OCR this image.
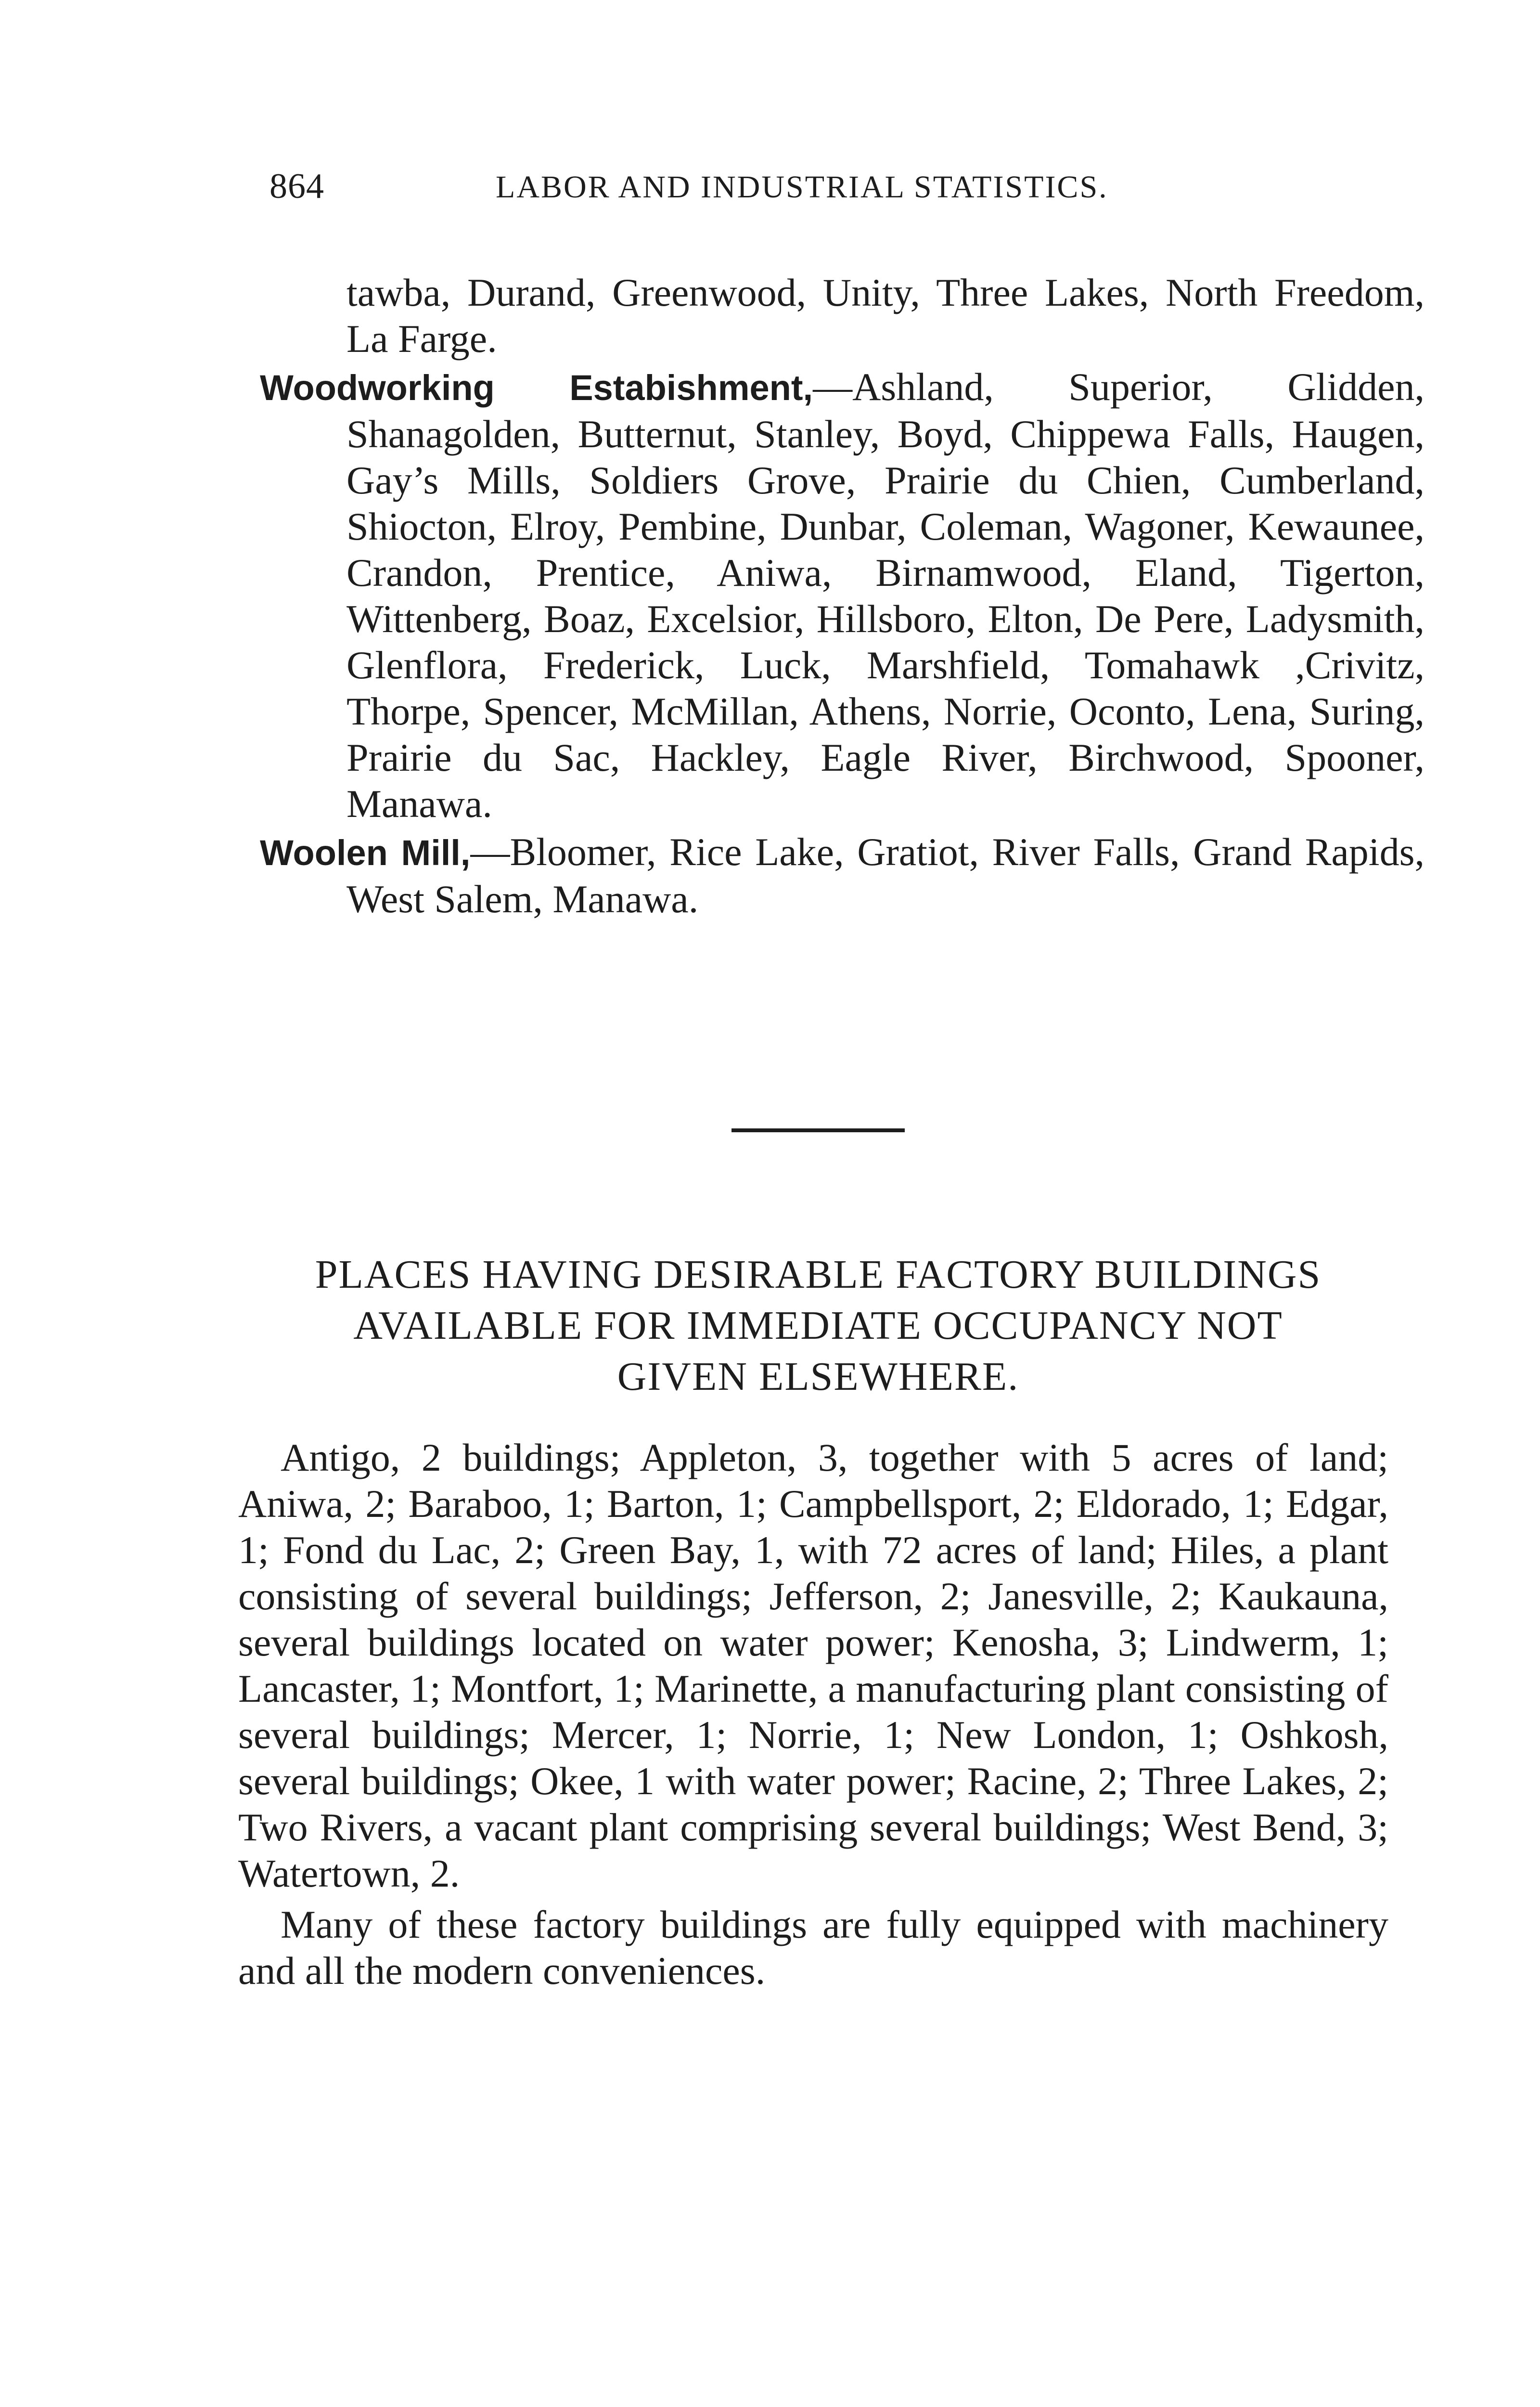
864	LABOR AND INDUSTRIAL STATISTICS.

tawba, Durand, Greenwood, Unity, Three Lakes, North Freedom, La Farge.

Woodworking Estabishment,—Ashland, Superior, Glidden, Shanagolden, Butternut, Stanley, Boyd, Chippewa Falls, Haugen, Gay’s Mills, Soldiers Grove, Prairie du Chien, Cumberland, Shiocton, Elroy, Pembine, Dunbar, Coleman, Wagoner, Kewaunee, Crandon, Prentice, Aniwa, Birnamwood, Eland, Tigerton, Wittenberg, Boaz, Excelsior, Hillsboro, Elton, De Pere, Ladysmith, Glenflora, Frederick, Luck, Marshfield, Tomahawk ,Crivitz, Thorpe, Spencer, McMillan, Athens, Norrie, Oconto, Lena, Suring, Prairie du Sac, Hackley, Eagle River, Birchwood, Spooner, Manawa.

Woolen Mill,—Bloomer, Rice Lake, Gratiot, River Falls, Grand Rapids, West Salem, Manawa.

PLACES HAVING DESIRABLE FACTORY BUILDINGS
AVAILABLE FOR IMMEDIATE OCCUPANCY NOT
GIVEN ELSEWHERE.

Antigo, 2 buildings; Appleton, 3, together with 5 acres of land; Aniwa, 2; Baraboo, 1; Barton, 1; Campbellsport, 2; Eldorado, 1; Edgar, 1; Fond du Lac, 2; Green Bay, 1, with 72 acres of land; Hiles, a plant consisting of several buildings; Jefferson, 2; Janesville, 2; Kaukauna, several buildings located on water power; Kenosha, 3; Lindwerm, 1; Lancaster, 1; Montfort, 1; Marinette, a manufacturing plant consisting of several buildings; Mercer, 1; Norrie, 1; New London, 1; Oshkosh, several buildings; Okee, 1 with water power; Racine, 2; Three Lakes, 2; Two Rivers, a vacant plant comprising several buildings; West Bend, 3; Watertown, 2.

Many of these factory buildings are fully equipped with machinery and all the modern conveniences.
